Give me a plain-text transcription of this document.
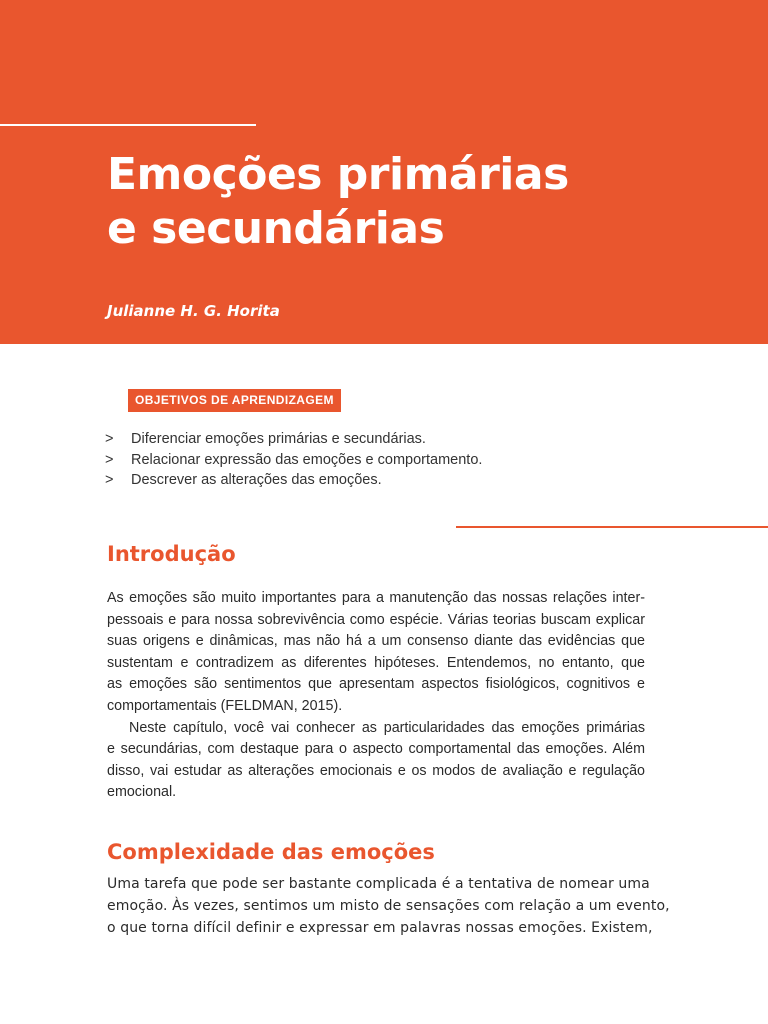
Emoções primárias
e secundárias
Julianne H. G. Horita
OBJETIVOS DE APRENDIZAGEM
> Diferenciar emoções primárias e secundárias.
> Relacionar expressão das emoções e comportamento.
> Descrever as alterações das emoções.
Introdução
As emoções são muito importantes para a manutenção das nossas relações inter-
pessoais e para nossa sobrevivência como espécie. Várias teorias buscam explicar
suas origens e dinâmicas, mas não há a um consenso diante das evidências que
sustentam e contradizem as diferentes hipóteses. Entendemos, no entanto, que
as emoções são sentimentos que apresentam aspectos fisiológicos, cognitivos e
comportamentais (FELDMAN, 2015).
Neste capítulo, você vai conhecer as particularidades das emoções primárias
e secundárias, com destaque para o aspecto comportamental das emoções. Além
disso, vai estudar as alterações emocionais e os modos de avaliação e regulação
emocional.
Complexidade das emoções
Uma tarefa que pode ser bastante complicada é a tentativa de nomear uma
emoção. Às vezes, sentimos um misto de sensações com relação a um evento,
o que torna difícil definir e expressar em palavras nossas emoções. Existem,
